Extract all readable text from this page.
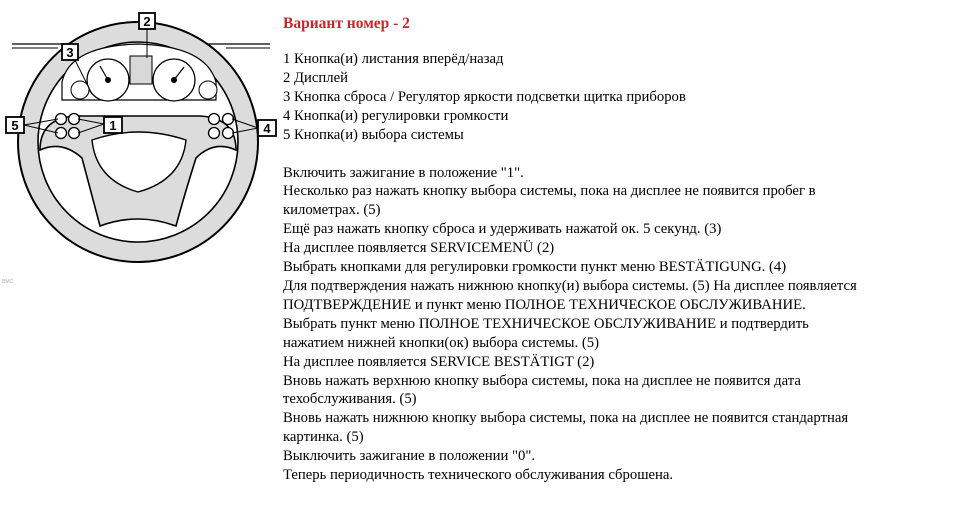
2
3
5	1	4
BMC
Вариант номер - 2
1 Кнопка(и) листания вперёд/назад
2 Дисплей
3 Кнопка сброса / Регулятор яркости подсветки щитка приборов
4 Кнопка(и) регулировки громкости
5 Кнопка(и) выбора системы
Включить зажигание в положение "1".
Несколько раз нажать кнопку выбора системы, пока на дисплее не появится пробег в
километрах. (5)
Ещё раз нажать кнопку сброса и удерживать нажатой ок. 5 секунд. (3)
На дисплее появляется SERVICEMENÜ (2)
Выбрать кнопками для регулировки громкости пункт меню BESTÄTIGUNG. (4)
Для подтверждения нажать нижнюю кнопку(и) выбора системы. (5) На дисплее появляется
ПОДТВЕРЖДЕНИЕ и пункт меню ПОЛНОЕ ТЕХНИЧЕСКОЕ ОБСЛУЖИВАНИЕ.
Выбрать пункт меню ПОЛНОЕ ТЕХНИЧЕСКОЕ ОБСЛУЖИВАНИЕ и подтвердить
нажатием нижней кнопки(ок) выбора системы. (5)
На дисплее появляется SERVICE BESTÄTIGT (2)
Вновь нажать верхнюю кнопку выбора системы, пока на дисплее не появится дата
техобслуживания. (5)
Вновь нажать нижнюю кнопку выбора системы, пока на дисплее не появится стандартная
картинка. (5)
Выключить зажигание в положении "0".
Теперь периодичность технического обслуживания сброшена.
